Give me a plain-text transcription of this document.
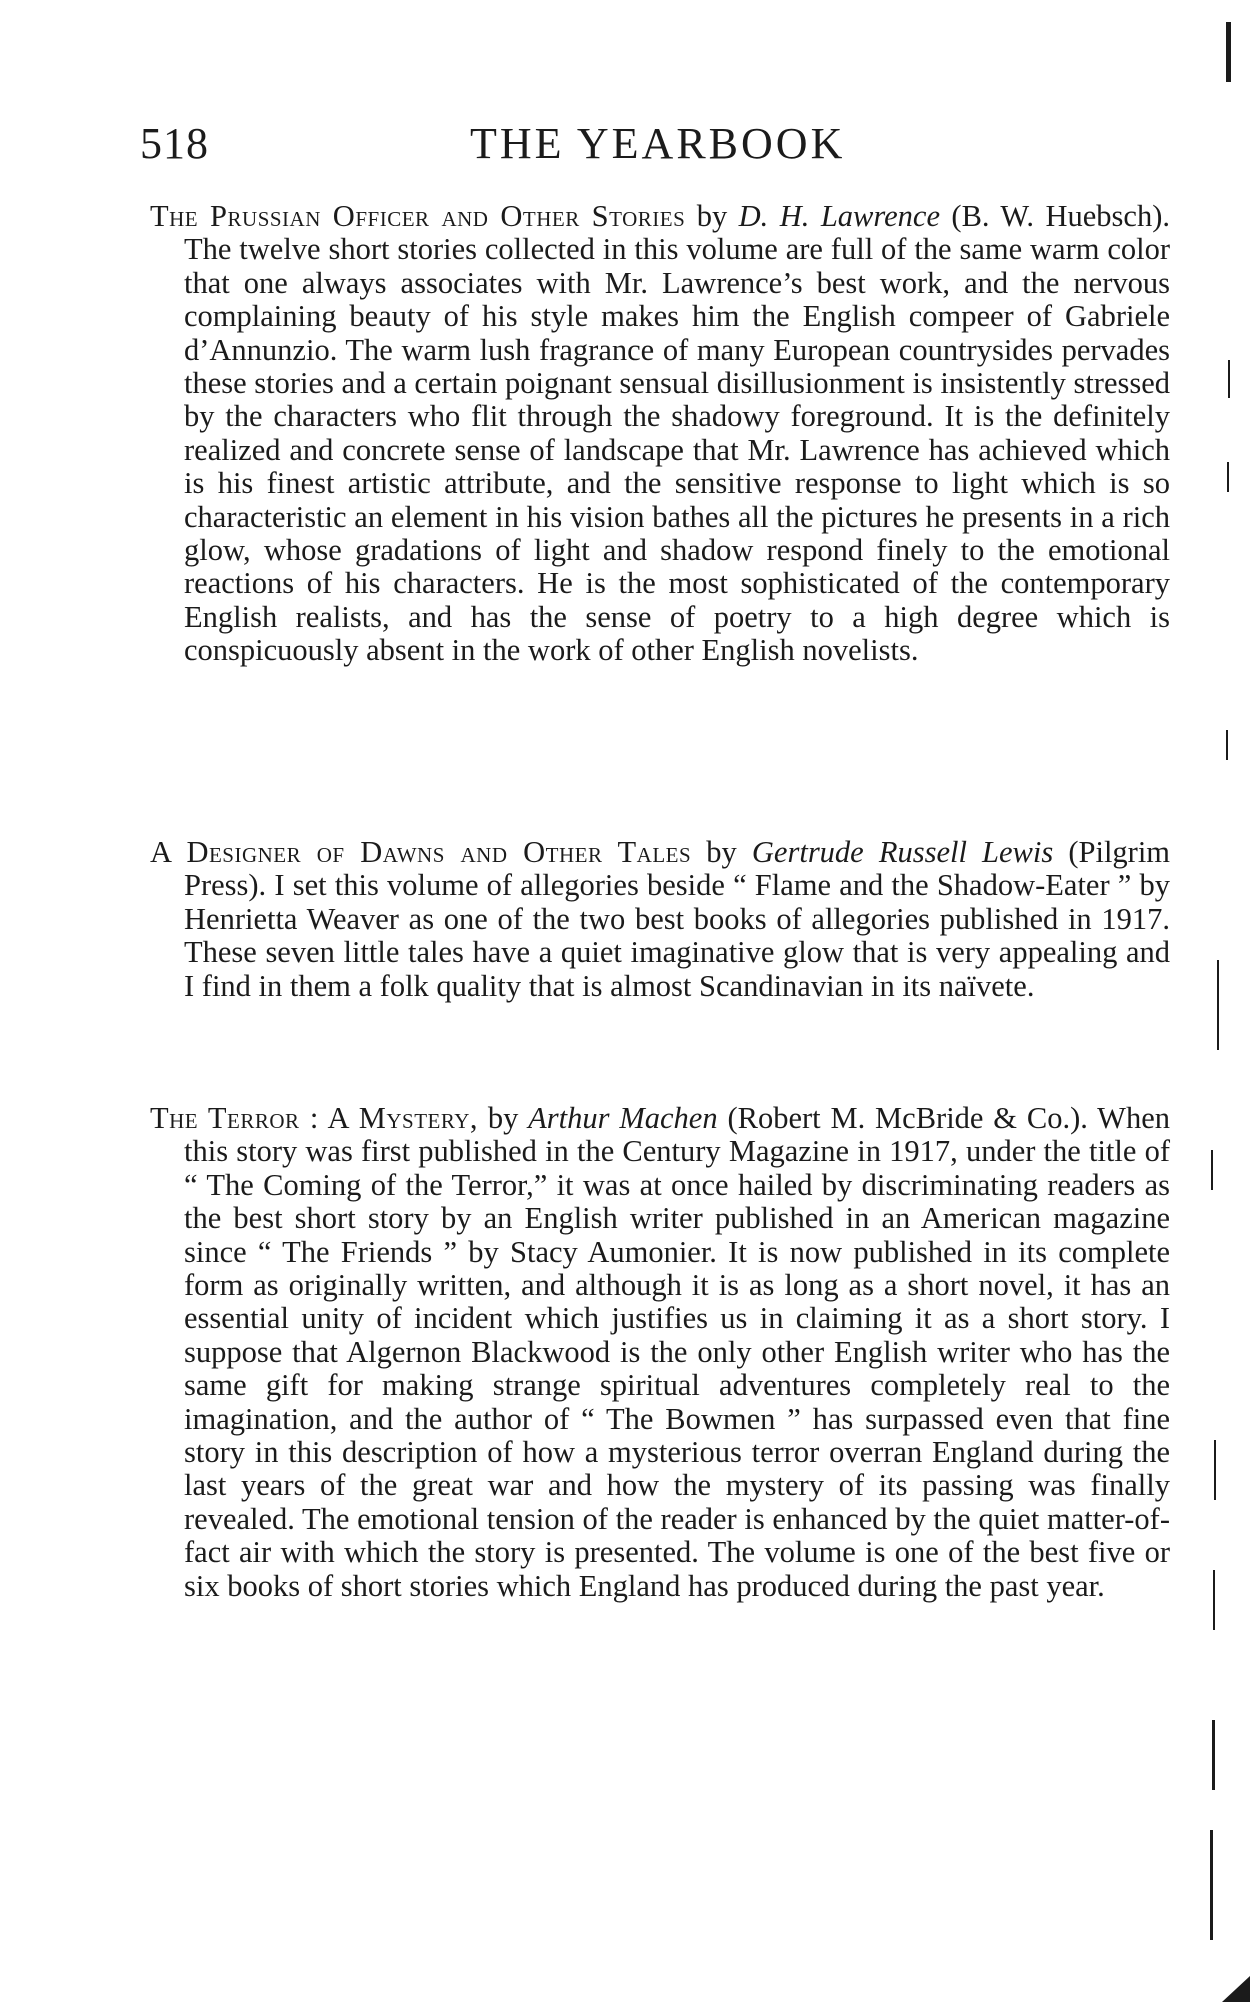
518	THE YEARBOOK
The Prussian Officer and Other Stories by D. H. Lawrence (B. W. Huebsch). The twelve short stories collected in this volume are full of the same warm color that one always associates with Mr. Lawrence’s best work, and the nervous complaining beauty of his style makes him the English compeer of Gabriele d’Annunzio. The warm lush fragrance of many European countrysides pervades these stories and a certain poignant sensual disillusionment is insistently stressed by the characters who flit through the shadowy foreground. It is the definitely realized and concrete sense of landscape that Mr. Lawrence has achieved which is his finest artistic attribute, and the sensitive response to light which is so characteristic an element in his vision bathes all the pictures he presents in a rich glow, whose gradations of light and shadow respond finely to the emotional reactions of his characters. He is the most sophisticated of the contemporary English realists, and has the sense of poetry to a high degree which is conspicuously absent in the work of other English novelists.
A Designer of Dawns and Other Tales by Gertrude Russell Lewis (Pilgrim Press). I set this volume of allegories beside “ Flame and the Shadow-Eater ” by Henrietta Weaver as one of the two best books of allegories published in 1917. These seven little tales have a quiet imaginative glow that is very appealing and I find in them a folk quality that is almost Scandinavian in its naïvete.
The Terror : A Mystery, by Arthur Machen (Robert M. McBride & Co.). When this story was first published in the Century Magazine in 1917, under the title of “ The Coming of the Terror,” it was at once hailed by discriminating readers as the best short story by an English writer published in an American magazine since “ The Friends ” by Stacy Aumonier. It is now published in its complete form as originally written, and although it is as long as a short novel, it has an essential unity of incident which justifies us in claiming it as a short story. I suppose that Algernon Blackwood is the only other English writer who has the same gift for making strange spiritual adventures completely real to the imagination, and the author of “ The Bowmen ” has surpassed even that fine story in this description of how a mysterious terror overran England during the last years of the great war and how the mystery of its passing was finally revealed. The emotional tension of the reader is enhanced by the quiet matter-of-fact air with which the story is presented. The volume is one of the best five or six books of short stories which England has produced during the past year.
